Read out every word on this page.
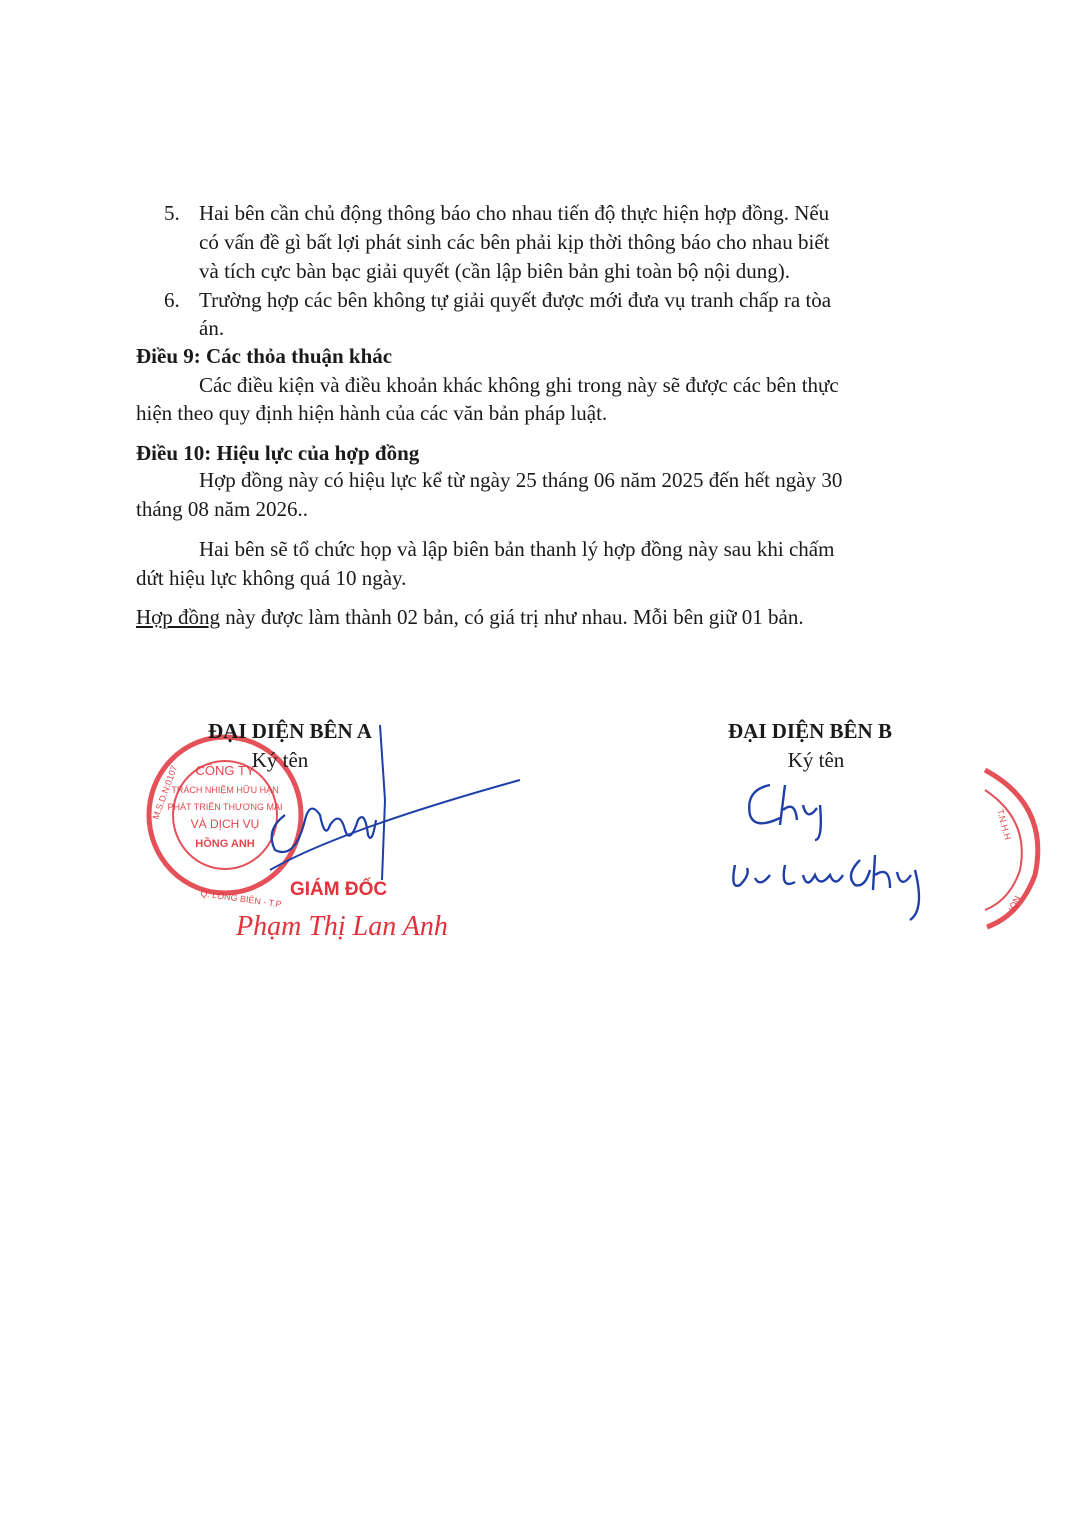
5. Hai bên cần chủ động thông báo cho nhau tiến độ thực hiện hợp đồng. Nếu
có vấn đề gì bất lợi phát sinh các bên phải kịp thời thông báo cho nhau biết
và tích cực bàn bạc giải quyết (cần lập biên bản ghi toàn bộ nội dung).
6. Trường hợp các bên không tự giải quyết được mới đưa vụ tranh chấp ra tòa
án.
Điều 9: Các thỏa thuận khác
Các điều kiện và điều khoản khác không ghi trong này sẽ được các bên thực
hiện theo quy định hiện hành của các văn bản pháp luật.
Điều 10: Hiệu lực của hợp đồng
Hợp đồng này có hiệu lực kể từ ngày 25 tháng 06 năm 2025 đến hết ngày 30
tháng 08 năm 2026..
Hai bên sẽ tổ chức họp và lập biên bản thanh lý hợp đồng này sau khi chấm
dứt hiệu lực không quá 10 ngày.
Hợp đồng này được làm thành 02 bản, có giá trị như nhau. Mỗi bên giữ 01 bản.
CÔNG TY
TRÁCH NHIỆM HỮU HẠN
PHÁT TRIỂN THƯƠNG MẠI
VÀ DỊCH VỤ
HỒNG ANH
M.S.D.N:0107
Q. LONG BIÊN - T.P
ĐẠI DIỆN BÊN A
Ký tên
GIÁM ĐỐC
Phạm Thị Lan Anh
ĐẠI DIỆN BÊN B
Ký tên
T.N.H.H
NỘI
